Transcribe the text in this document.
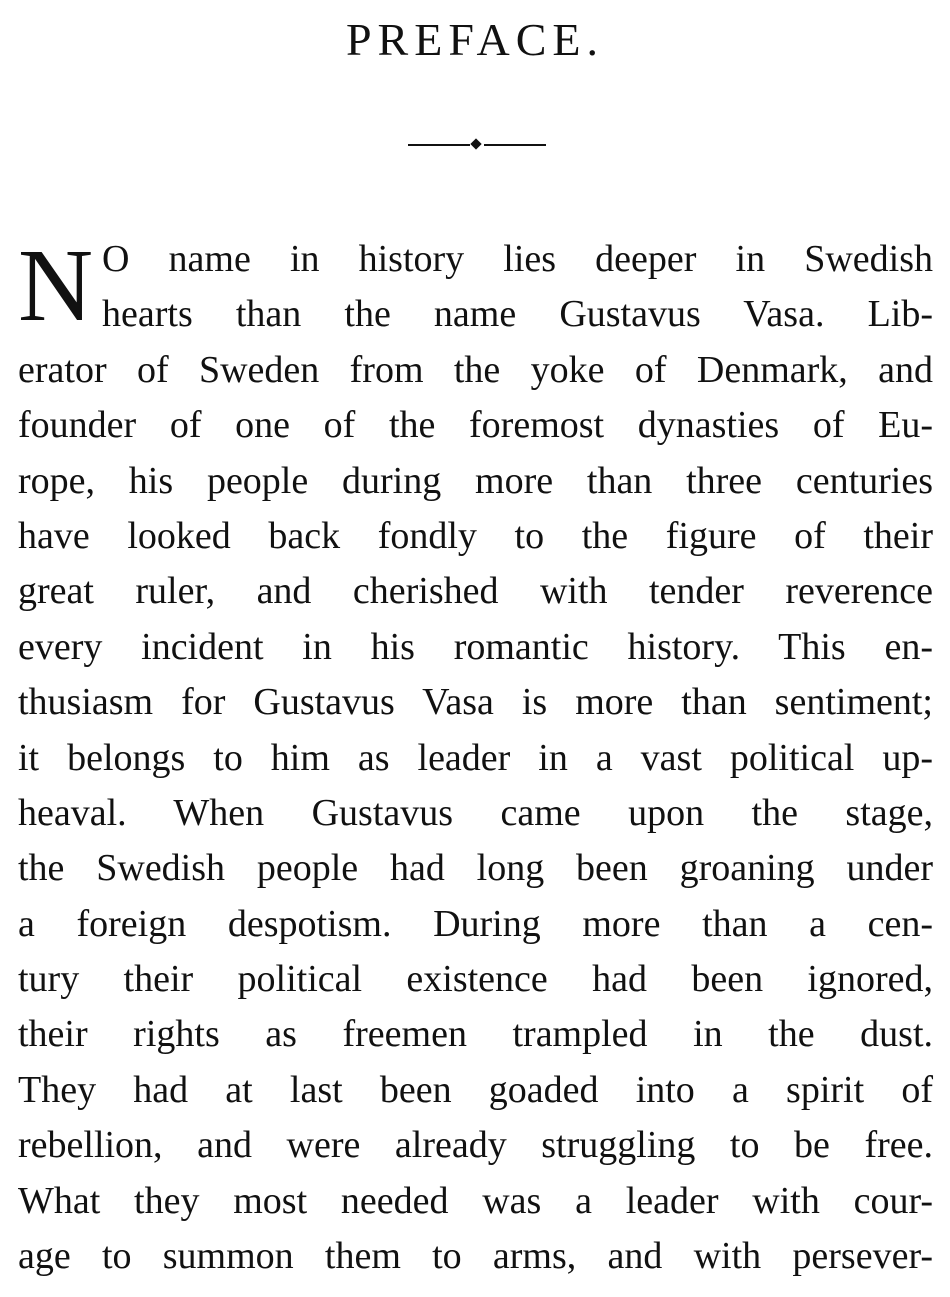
PREFACE.
N O name in history lies deeper in Swedish
hearts than the name Gustavus Vasa. Lib-
erator of Sweden from the yoke of Denmark, and
founder of one of the foremost dynasties of Eu-
rope, his people during more than three centuries
have looked back fondly to the figure of their
great ruler, and cherished with tender reverence
every incident in his romantic history. This en-
thusiasm for Gustavus Vasa is more than sentiment;
it belongs to him as leader in a vast political up-
heaval. When Gustavus came upon the stage,
the Swedish people had long been groaning under
a foreign despotism. During more than a cen-
tury their political existence had been ignored,
their rights as freemen trampled in the dust.
They had at last been goaded into a spirit of
rebellion, and were already struggling to be free.
What they most needed was a leader with cour-
age to summon them to arms, and with persever-
